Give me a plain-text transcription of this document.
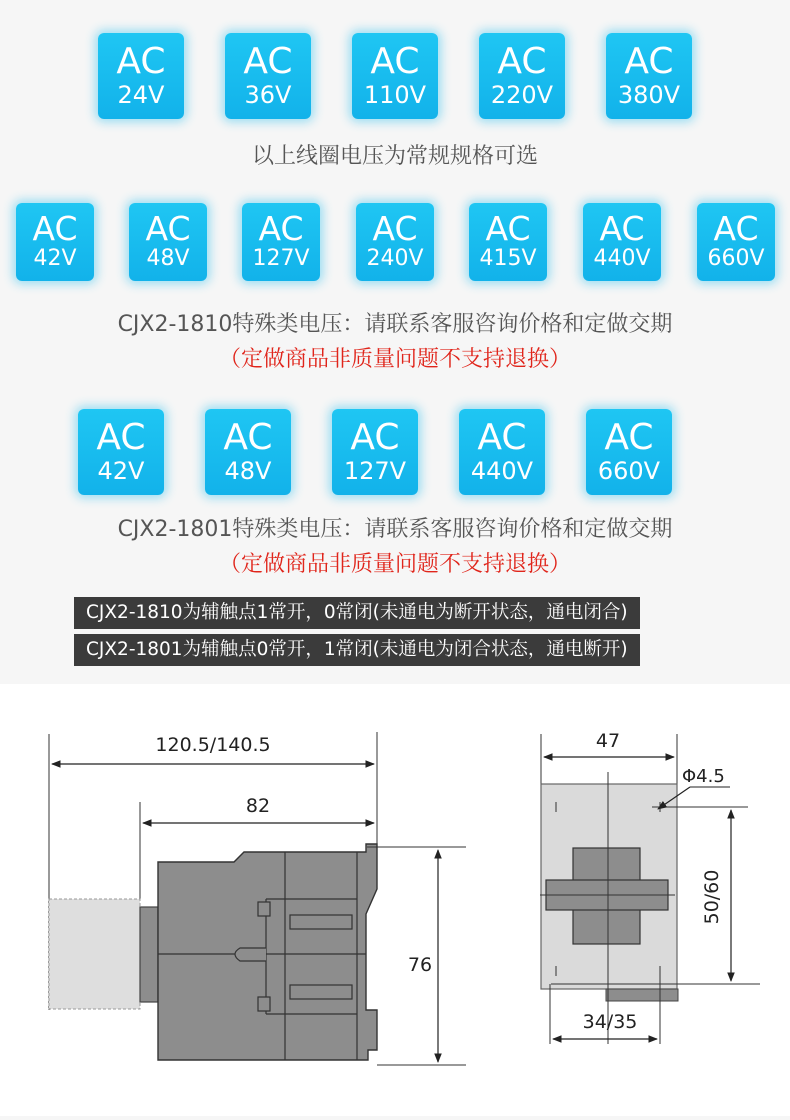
AC
24V
AC
36V
AC
110V
AC
220V
AC
380V
以上线圈电压为常规规格可选
AC
42V
AC
48V
AC
127V
AC
240V
AC
415V
AC
440V
AC
660V
CJX2-1810特殊类电压：请联系客服咨询价格和定做交期
（定做商品非质量问题不支持退换）
AC
42V
AC
48V
AC
127V
AC
440V
AC
660V
CJX2-1801特殊类电压：请联系客服咨询价格和定做交期
（定做商品非质量问题不支持退换）
CJX2-1810为辅触点1常开，0常闭(未通电为断开状态，通电闭合)
CJX2-1801为辅触点0常开，1常闭(未通电为闭合状态，通电断开)
120.5/140.5
82
76
47
Φ4.5
50/60
34/35
